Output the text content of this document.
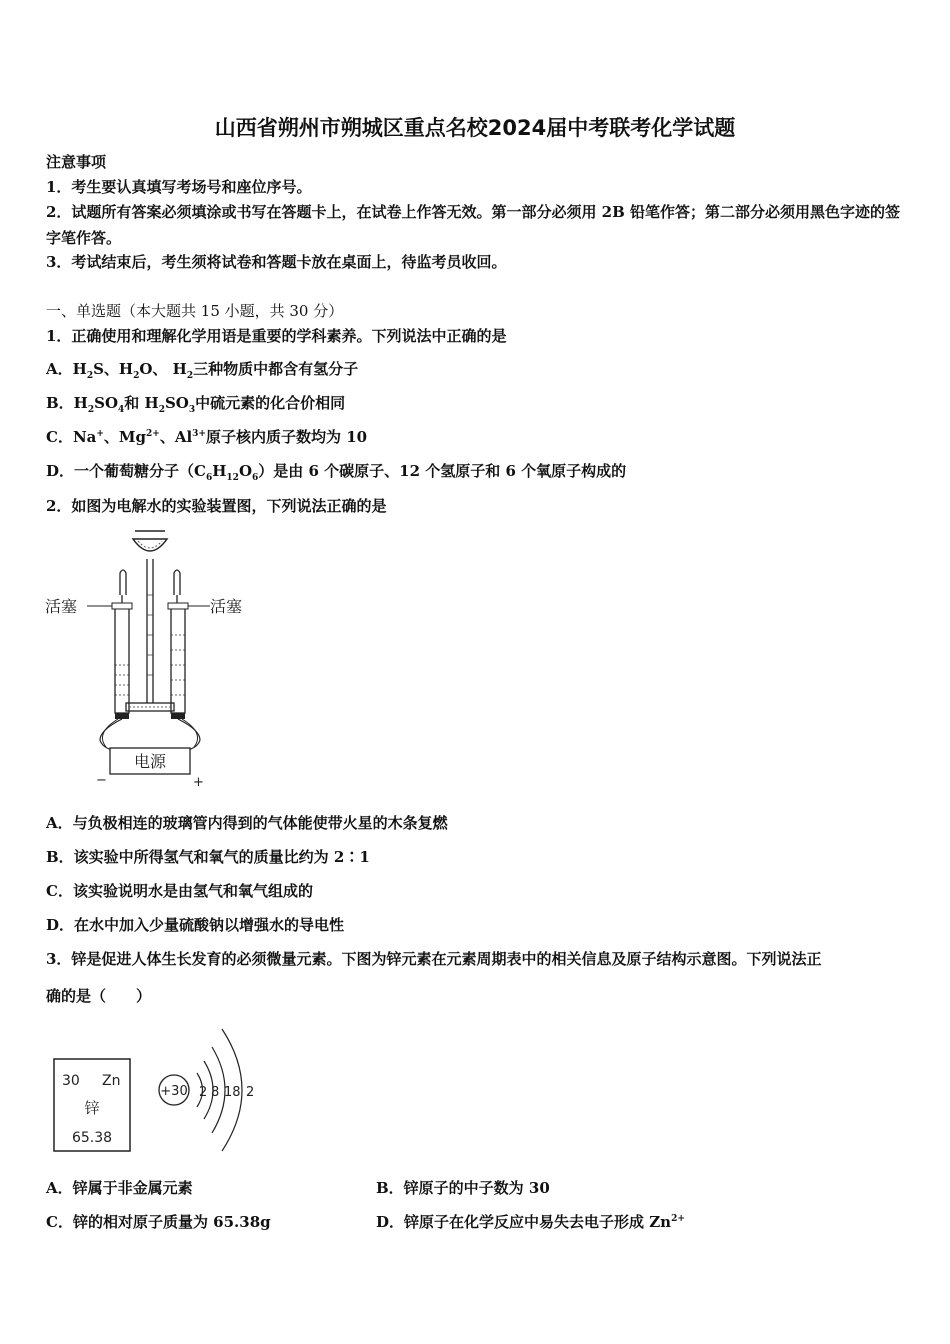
山西省朔州市朔城区重点名校2024届中考联考化学试题
注意事项
1．考生要认真填写考场号和座位序号。
2．试题所有答案必须填涂或书写在答题卡上，在试卷上作答无效。第一部分必须用 2B 铅笔作答；第二部分必须用黑色字迹的签字笔作答。
3．考试结束后，考生须将试卷和答题卡放在桌面上，待监考员收回。
一、单选题（本大题共 15 小题，共 30 分）
1．正确使用和理解化学用语是重要的学科素养。下列说法中正确的是
A．$H_2S$、$H_2O$、 $H_2$三种物质中都含有氢分子
B．$H_2SO_4$和 $H_2SO_3$中硫元素的化合价相同
C．Na+、$Mg^{2+}$、$Al^{3+}$原子核内质子数均为 10
D．一个葡萄糖分子$(C_6H_{12}O_6)$是由 6 个碳原子、12 个氢原子和 6 个氧原子构成的
2．如图为电解水的实验装置图，下列说法正确的是
电源
−	+
活塞	活塞
A．与负极相连的玻璃管内得到的气体能使带火星的木条复燃
B．该实验中所得氢气和氧气的质量比约为 2∶1
C．该实验说明水是由氢气和氧气组成的
D．在水中加入少量硫酸钠以增强水的导电性
3．锌是促进人体生长发育的必须微量元素。下图为锌元素在元素周期表中的相关信息及原子结构示意图。下列说法正
确的是（　　）
30 Zn
锌
65.38
+30 2 8 18 2
A．锌属于非金属元素	B．锌原子的中子数为 30
C．锌的相对原子质量为 65.38g	D．锌原子在化学反应中易失去电子形成 $Zn^{2+}$
